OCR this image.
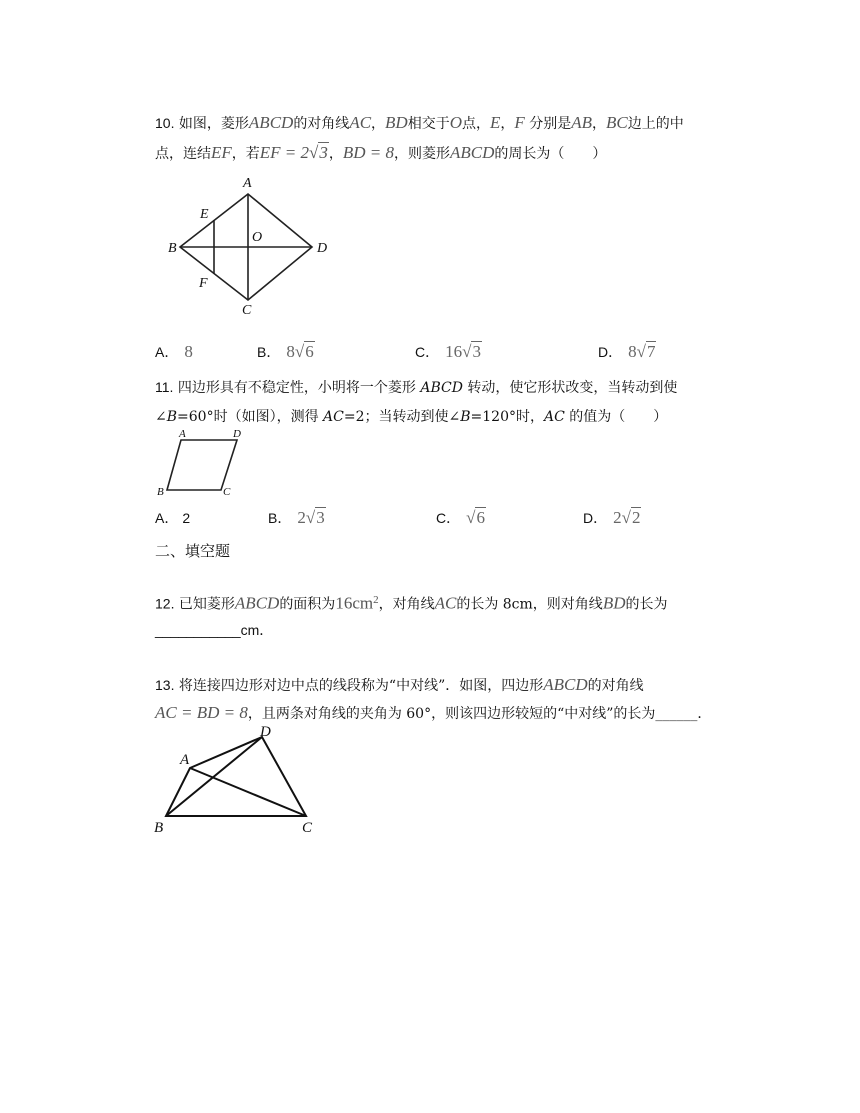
10. 如图，菱形ABCD的对角线AC，BD相交于O点，E，F 分别是AB，BC边上的中
点，连结EF，若EF = 2√3，BD = 8，则菱形ABCD的周长为（　　）
A
E
O
B	D
F
C
A． 8	B． 8√6	C． 16√3	D． 8√7
11. 四边形具有不稳定性，小明将一个菱形 ABCD 转动，使它形状改变，当转动到使
∠B=60°时（如图），测得 AC=2；当转动到使∠B=120°时，AC 的值为（　　）
A	D
B	C
A． 2	B． 2√3	C． √6	D． 2√2
二、填空题
12. 已知菱形ABCD的面积为$16cm^2$，对角线AC的长为 8cm，则对角线BD的长为
___________cm．
13. 将连接四边形对边中点的线段称为“中对线”．如图，四边形ABCD的对角线
AC = BD = 8，且两条对角线的夹角为 60°，则该四边形较短的“中对线”的长为______．
D
A
B	C
